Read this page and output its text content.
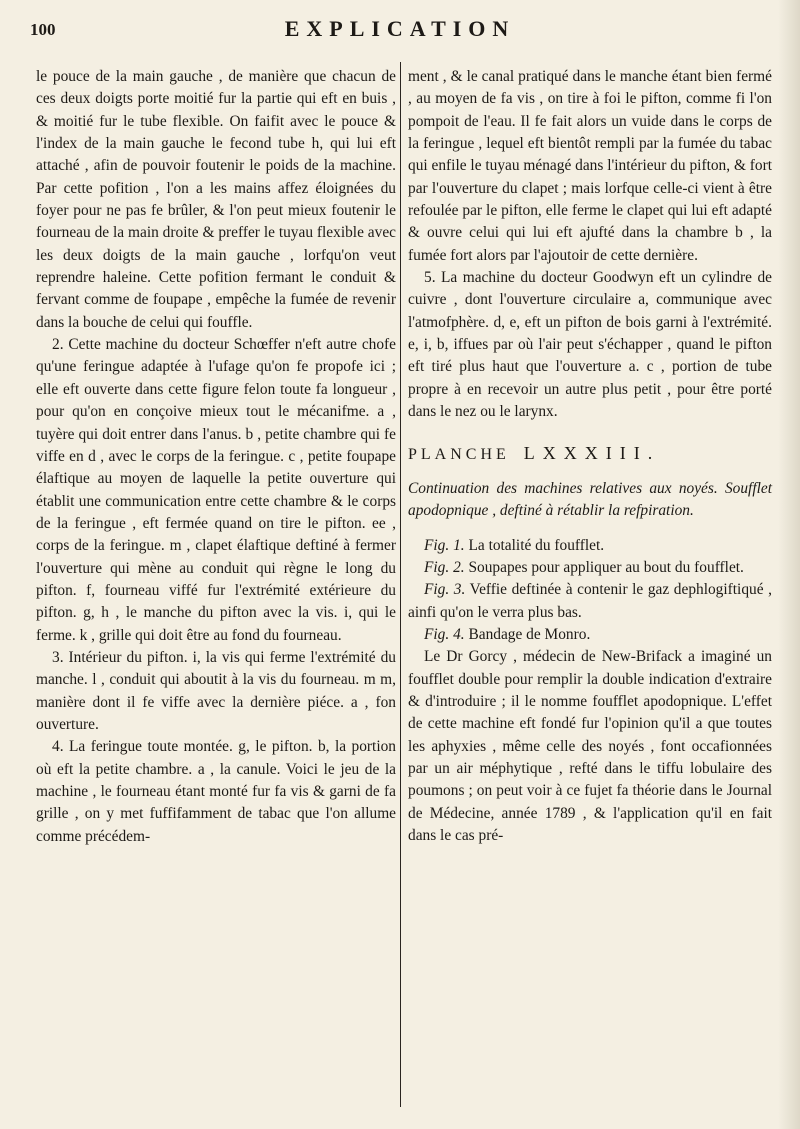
100	EXPLICATION

le pouce de la main gauche , de manière que chacun de ces deux doigts porte moitié fur la partie qui eft en buis , & moitié fur le tube flexible. On faifit avec le pouce & l'index de la main gauche le fecond tube h, qui lui eft attaché , afin de pouvoir foutenir le poids de la machine. Par cette pofition , l'on a les mains affez éloignées du foyer pour ne pas fe brûler, & l'on peut mieux foutenir le fourneau de la main droite & preffer le tuyau flexible avec les deux doigts de la main gauche , lorfqu'on veut reprendre haleine. Cette pofition fermant le conduit & fervant comme de foupape , empêche la fumée de revenir dans la bouche de celui qui fouffle.

2. Cette machine du docteur Schœffer n'eft autre chofe qu'une feringue adaptée à l'ufage qu'on fe propofe ici ; elle eft ouverte dans cette figure felon toute fa longueur , pour qu'on en conçoive mieux tout le mécanifme. a , tuyère qui doit entrer dans l'anus. b , petite chambre qui fe viffe en d , avec le corps de la feringue. c , petite foupape élaftique au moyen de laquelle la petite ouverture qui établit une communication entre cette chambre & le corps de la feringue , eft fermée quand on tire le pifton. ee , corps de la feringue. m , clapet élaftique deftiné à fermer l'ouverture qui mène au conduit qui règne le long du pifton. f, fourneau viffé fur l'extrémité extérieure du pifton. g, h , le manche du pifton avec la vis. i, qui le ferme. k , grille qui doit être au fond du fourneau.

3. Intérieur du pifton. i, la vis qui ferme l'extrémité du manche. l , conduit qui aboutit à la vis du fourneau. m m, manière dont il fe viffe avec la dernière piéce. a , fon ouverture.

4. La feringue toute montée. g, le pifton. b, la portion où eft la petite chambre. a , la canule. Voici le jeu de la machine , le fourneau étant monté fur fa vis & garni de fa grille , on y met fuffifamment de tabac que l'on allume comme précédem-

ment , & le canal pratiqué dans le manche étant bien fermé , au moyen de fa vis , on tire à foi le pifton, comme fi l'on pompoit de l'eau. Il fe fait alors un vuide dans le corps de la feringue , lequel eft bientôt rempli par la fumée du tabac qui enfile le tuyau ménagé dans l'intérieur du pifton, & fort par l'ouverture du clapet ; mais lorfque celle-ci vient à être refoulée par le pifton, elle ferme le clapet qui lui eft adapté & ouvre celui qui lui eft ajufté dans la chambre b , la fumée fort alors par l'ajoutoir de cette dernière.

5. La machine du docteur Goodwyn eft un cylindre de cuivre , dont l'ouverture circulaire a, communique avec l'atmofphère. d, e, eft un pifton de bois garni à l'extrémité. e, i, b, iffues par où l'air peut s'échapper , quand le pifton eft tiré plus haut que l'ouverture a. c , portion de tube propre à en recevoir un autre plus petit , pour être porté dans le nez ou le larynx.

PLANCHE LXXXIII.

Continuation des machines relatives aux noyés. Soufflet apodopnique , deftiné à rétablir la refpiration.

Fig. 1. La totalité du foufflet.

Fig. 2. Soupapes pour appliquer au bout du foufflet.

Fig. 3. Veffie deftinée à contenir le gaz dephlogiftiqué , ainfi qu'on le verra plus bas.

Fig. 4. Bandage de Monro.

Le Dr Gorcy , médecin de New-Brifack a imaginé un foufflet double pour remplir la double indication d'extraire & d'introduire ; il le nomme foufflet apodopnique. L'effet de cette machine eft fondé fur l'opinion qu'il a que toutes les aphyxies , même celle des noyés , font occafionnées par un air méphytique , refté dans le tiffu lobulaire des poumons ; on peut voir à ce fujet fa théorie dans le Journal de Médecine, année 1789 , & l'application qu'il en fait dans le cas pré-
